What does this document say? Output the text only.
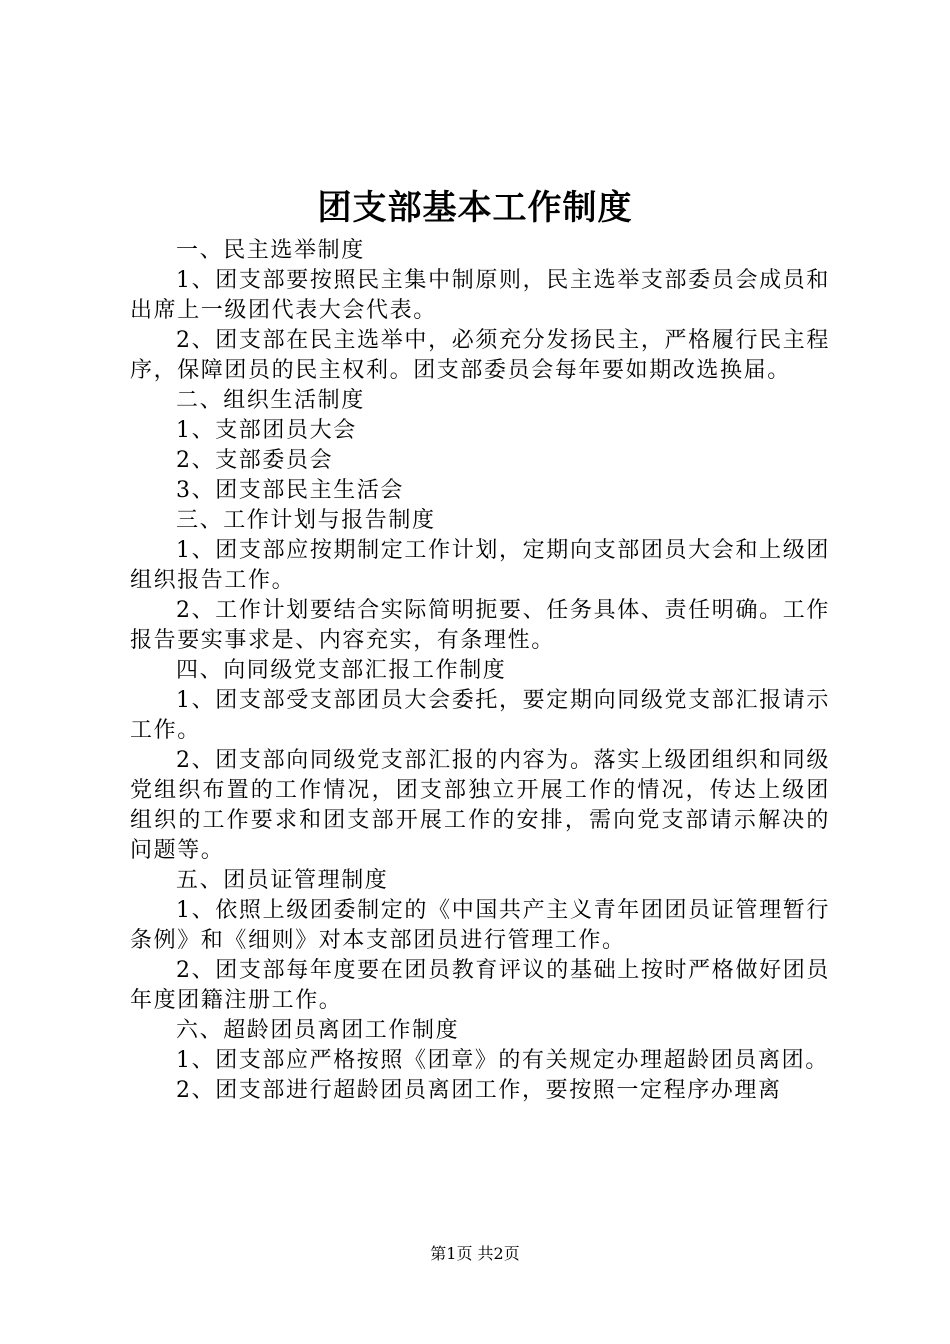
团支部基本工作制度

一、民主选举制度

1、团支部要按照民主集中制原则，民主选举支部委员会成员和出席上一级团代表大会代表。

2、团支部在民主选举中，必须充分发扬民主，严格履行民主程序，保障团员的民主权利。团支部委员会每年要如期改选换届。

二、组织生活制度

1、支部团员大会

2、支部委员会

3、团支部民主生活会

三、工作计划与报告制度

1、团支部应按期制定工作计划，定期向支部团员大会和上级团组织报告工作。

2、工作计划要结合实际简明扼要、任务具体、责任明确。工作报告要实事求是、内容充实，有条理性。

四、向同级党支部汇报工作制度

1、团支部受支部团员大会委托，要定期向同级党支部汇报请示工作。

2、团支部向同级党支部汇报的内容为。落实上级团组织和同级党组织布置的工作情况，团支部独立开展工作的情况，传达上级团组织的工作要求和团支部开展工作的安排，需向党支部请示解决的问题等。

五、团员证管理制度

1、依照上级团委制定的《中国共产主义青年团团员证管理暂行条例》和《细则》对本支部团员进行管理工作。

2、团支部每年度要在团员教育评议的基础上按时严格做好团员年度团籍注册工作。

六、超龄团员离团工作制度

1、团支部应严格按照《团章》的有关规定办理超龄团员离团。

2、团支部进行超龄团员离团工作，要按照一定程序办理离

第1页 共2页
